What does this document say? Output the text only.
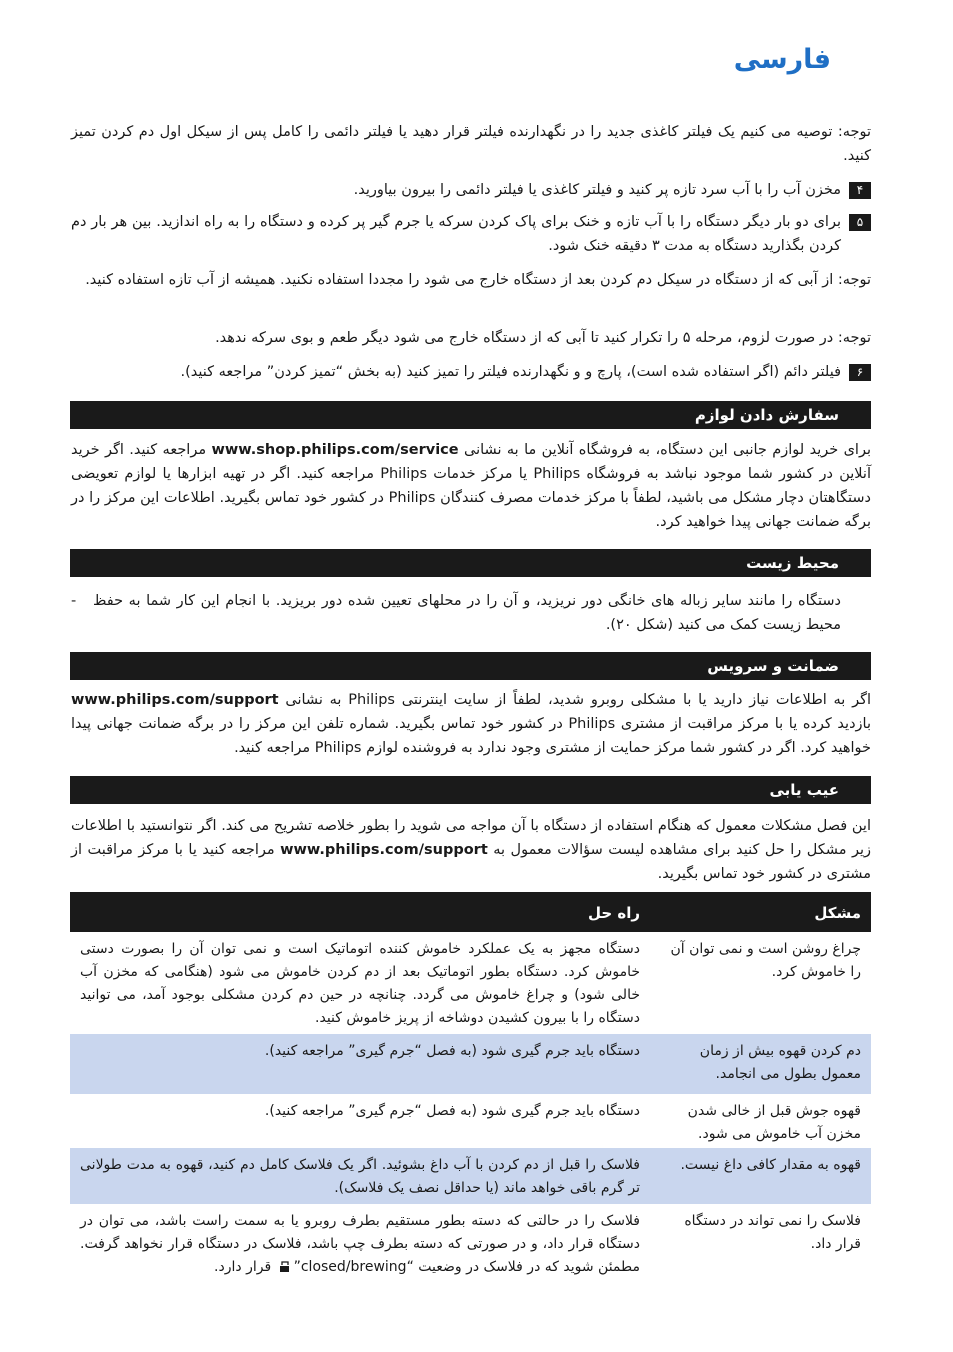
فارسی
توجه: توصیه می کنیم یک فیلتر کاغذی جدید را در نگهدارنده فیلتر قرار دهید یا فیلتر دائمی را کامل پس از سیکل اول دم کردن تمیز کنید.
۴
مخزن آب را با آب سرد تازه پر کنید و فیلتر کاغذی یا فیلتر دائمی را بیرون بیاورید.
۵
برای دو بار دیگر دستگاه را با آب تازه و خنک برای پاک کردن سرکه یا جرم گیر پر کرده و دستگاه را به راه اندازید. بین هر بار دم کردن بگذارید دستگاه به مدت ۳ دقیقه خنک شود.
توجه: از آبی که از دستگاه در سیکل دم کردن بعد از دستگاه خارج می شود را مجددا استفاده نکنید. همیشه از آب تازه استفاده کنید.
توجه: در صورت لزوم، مرحله ۵ را تکرار کنید تا آبی که از دستگاه خارج می شود دیگر طعم و بوی سرکه ندهد.
۶
فیلتر دائم (اگر استفاده شده است)، پارچ و و نگهدارنده فیلتر را تمیز کنید (به بخش “تمیز کردن” مراجعه کنید).
سفارش دادن لوازم
برای خرید لوازم جانبی این دستگاه، به فروشگاه آنلاین ما به نشانی www.shop.philips.com/service مراجعه کنید. اگر خرید آنلاین در کشور شما موجود نباشد به فروشگاه Philips یا مرکز خدمات Philips مراجعه کنید. اگر در تهیه ابزارها یا لوازم تعویضی دستگاهتان دچار مشکل می باشید، لطفاً با مرکز خدمات مصرف کنندگان Philips در کشور خود تماس بگیرید. اطلاعات این مرکز را در برگه ضمانت جهانی پیدا خواهید کرد.
محیط زیست
- دستگاه را مانند سایر زباله های خانگی دور نریزید، و آن را در محلهای تعیین شده دور بریزید. با انجام این کار شما به حفظ محیط زیست کمک می کنید (شکل ۲۰).
ضمانت و سرویس
اگر به اطلاعات نیاز دارید یا با مشکلی روبرو شدید، لطفاً از سایت اینترنتی Philips به نشانی www.philips.com/support بازدید کرده یا با مرکز مراقبت از مشتری Philips در کشور خود تماس بگیرید. شماره تلفن این مرکز را در برگه ضمانت جهانی پیدا خواهید کرد. اگر در کشور شما مرکز حمایت از مشتری وجود ندارد به فروشنده لوازم Philips مراجعه کنید.
عیب یابی
این فصل مشکلات معمول که هنگام استفاده از دستگاه با آن مواجه می شوید را بطور خلاصه تشریح می کند. اگر نتوانستید با اطلاعات زیر مشکل را حل کنید برای مشاهده لیست سؤالات معمول به www.philips.com/support مراجعه کنید یا با مرکز مراقبت از مشتری در کشور خود تماس بگیرید.
مشکل
راه حل
چراغ روشن است و نمی توان آن را خاموش کرد.
دستگاه مجهز به یک عملکرد خاموش کننده اتوماتیک است و نمی توان آن را بصورت دستی خاموش کرد. دستگاه بطور اتوماتیک بعد از دم کردن خاموش می شود (هنگامی که مخزن آب خالی شود) و چراغ خاموش می گردد. چنانچه در حین دم کردن مشکلی بوجود آمد، می توانید دستگاه را با بیرون کشیدن دوشاخه از پریز خاموش کنید.
دم کردن قهوه بیش از زمان معمول بطول می انجامد.
دستگاه باید جرم گیری شود (به فصل “جرم گیری” مراجعه کنید).
قهوه جوش قبل از خالی شدن مخزن آب خاموش می شود.
دستگاه باید جرم گیری شود (به فصل “جرم گیری” مراجعه کنید).
قهوه به مقدار کافی داغ نیست.
فلاسک را قبل از دم کردن با آب داغ بشوئید. اگر یک فلاسک کامل دم کنید، قهوه به مدت طولانی تر گرم باقی خواهد ماند (یا حداقل نصف یک فلاسک).
فلاسک را نمی تواند در دستگاه قرار داد.
فلاسک را در حالتی که دسته بطور مستقیم بطرف روبرو یا به سمت راست باشد، می توان در دستگاه قرار داد، و در صورتی که دسته بطرف چپ باشد، فلاسک در دستگاه قرار نخواهد گرفت. مطمئن شوید که در فلاسک در وضعیت “closed/brewing”
قرار دارد.
